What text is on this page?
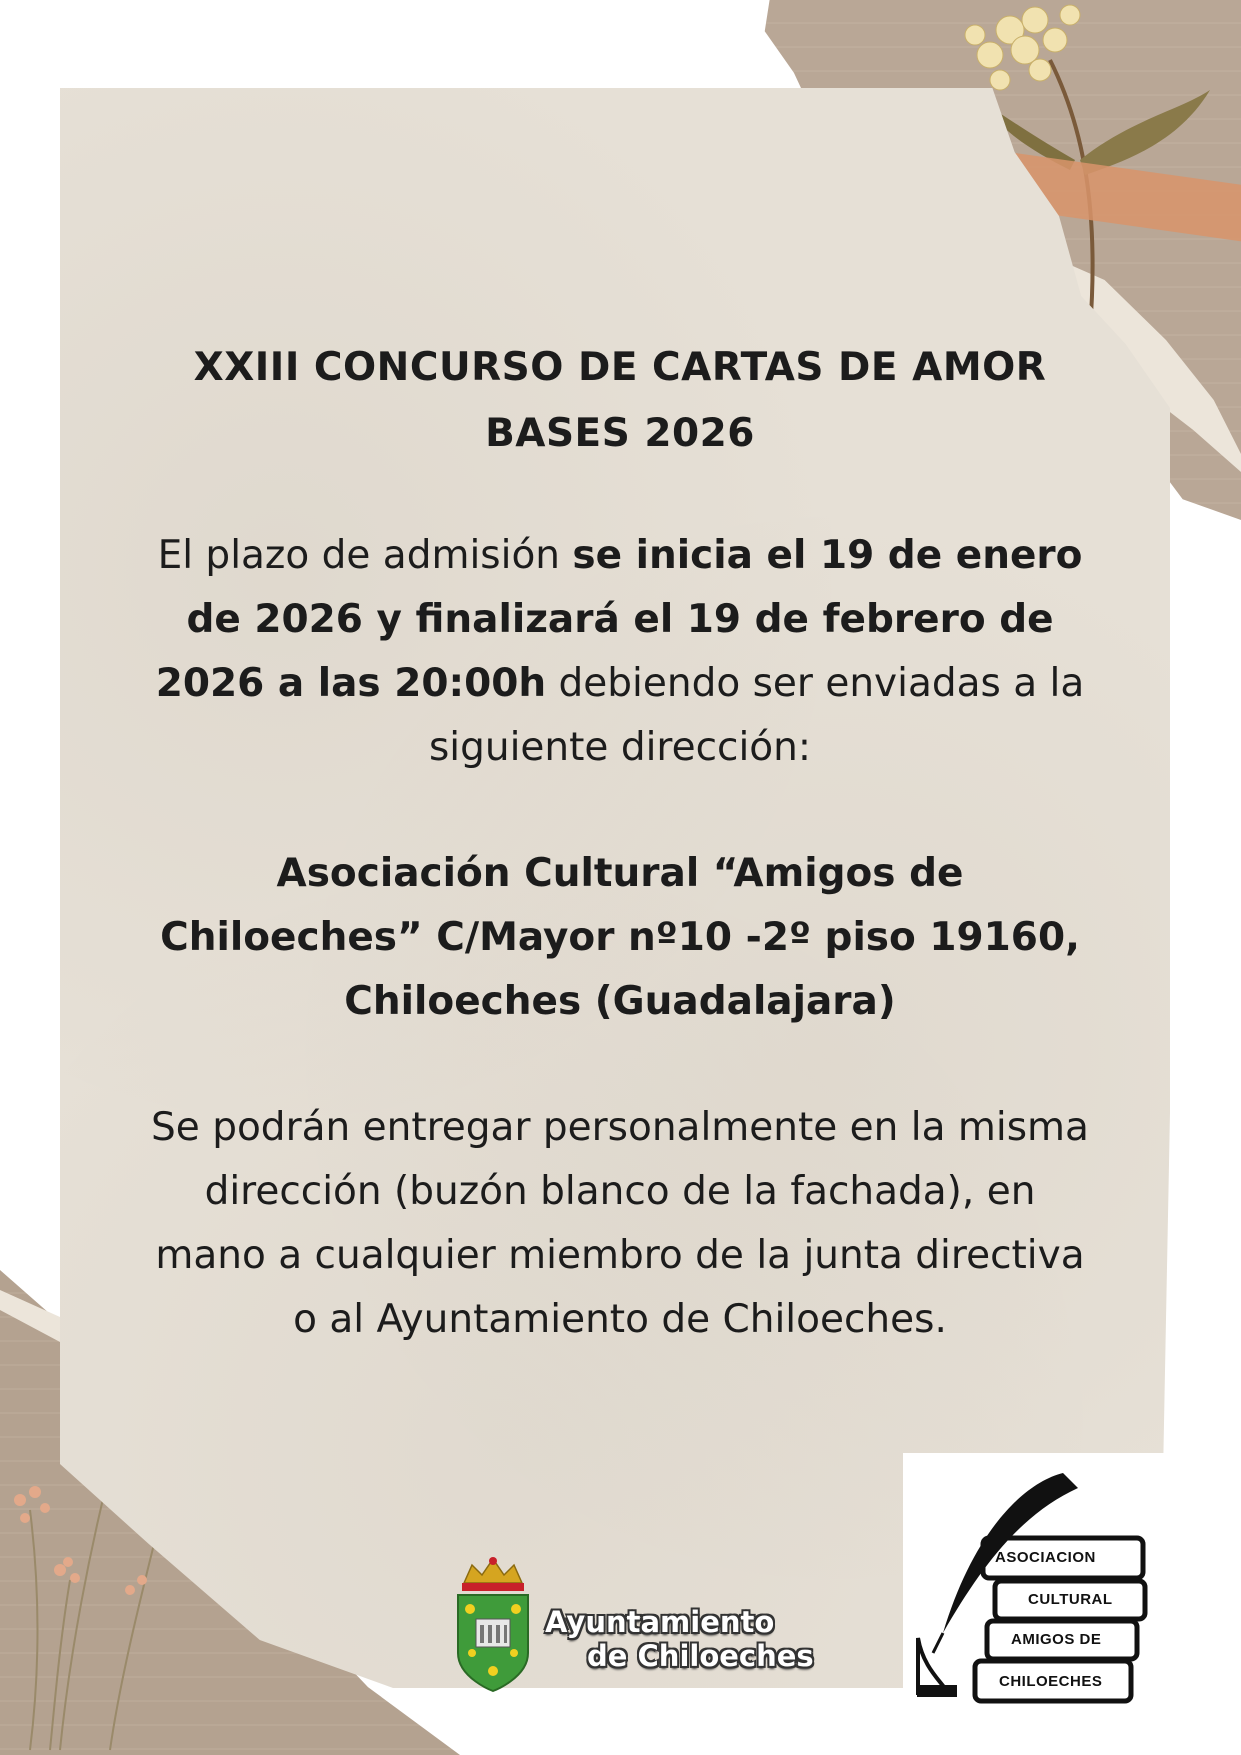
XXIII CONCURSO DE CARTAS DE AMOR
BASES 2026
El plazo de admisión se inicia el 19 de enero de 2026 y finalizará el 19 de febrero de 2026 a las 20:00h debiendo ser enviadas a la siguiente dirección:
Asociación Cultural “Amigos de Chiloeches” C/Mayor nº10 -2º piso 19160, Chiloeches (Guadalajara)
Se podrán entregar personalmente en la misma dirección (buzón blanco de la fachada), en mano a cualquier miembro de la junta directiva o al Ayuntamiento de Chiloeches.
Ayuntamiento
de Chiloeches
ASOCIACION
CULTURAL
AMIGOS DE
CHILOECHES
